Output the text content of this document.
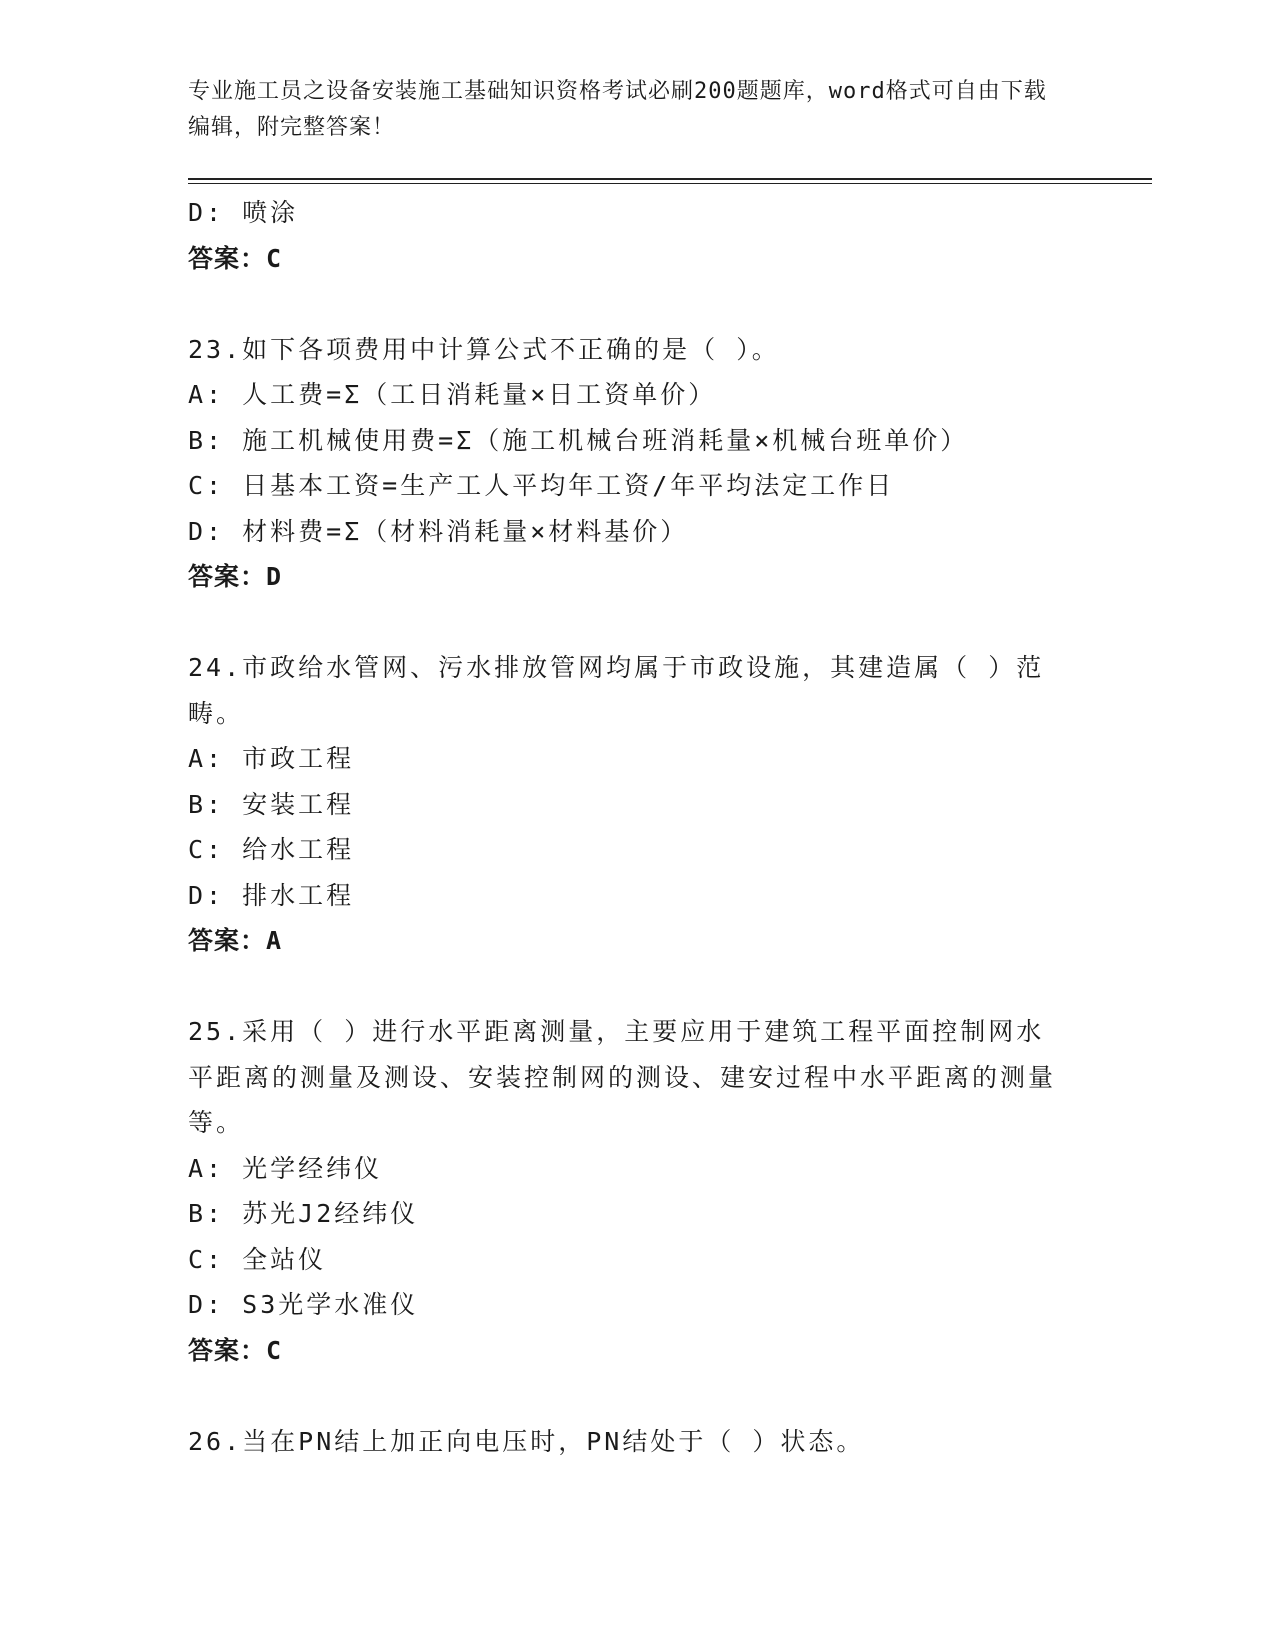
专业施工员之设备安装施工基础知识资格考试必刷200题题库，word格式可自由下载编辑，附完整答案！
D: 喷涂
答案：C
23.如下各项费用中计算公式不正确的是（ ）。
A: 人工费=Σ（工日消耗量×日工资单价）
B: 施工机械使用费=Σ（施工机械台班消耗量×机械台班单价）
C: 日基本工资=生产工人平均年工资/年平均法定工作日
D: 材料费=Σ（材料消耗量×材料基价）
答案：D
24.市政给水管网、污水排放管网均属于市政设施，其建造属（ ）范畴。
A: 市政工程
B: 安装工程
C: 给水工程
D: 排水工程
答案：A
25.采用（ ）进行水平距离测量，主要应用于建筑工程平面控制网水平距离的测量及测设、安装控制网的测设、建安过程中水平距离的测量等。
A: 光学经纬仪
B: 苏光J2经纬仪
C: 全站仪
D: S3光学水准仪
答案：C
26.当在PN结上加正向电压时，PN结处于（ ）状态。
